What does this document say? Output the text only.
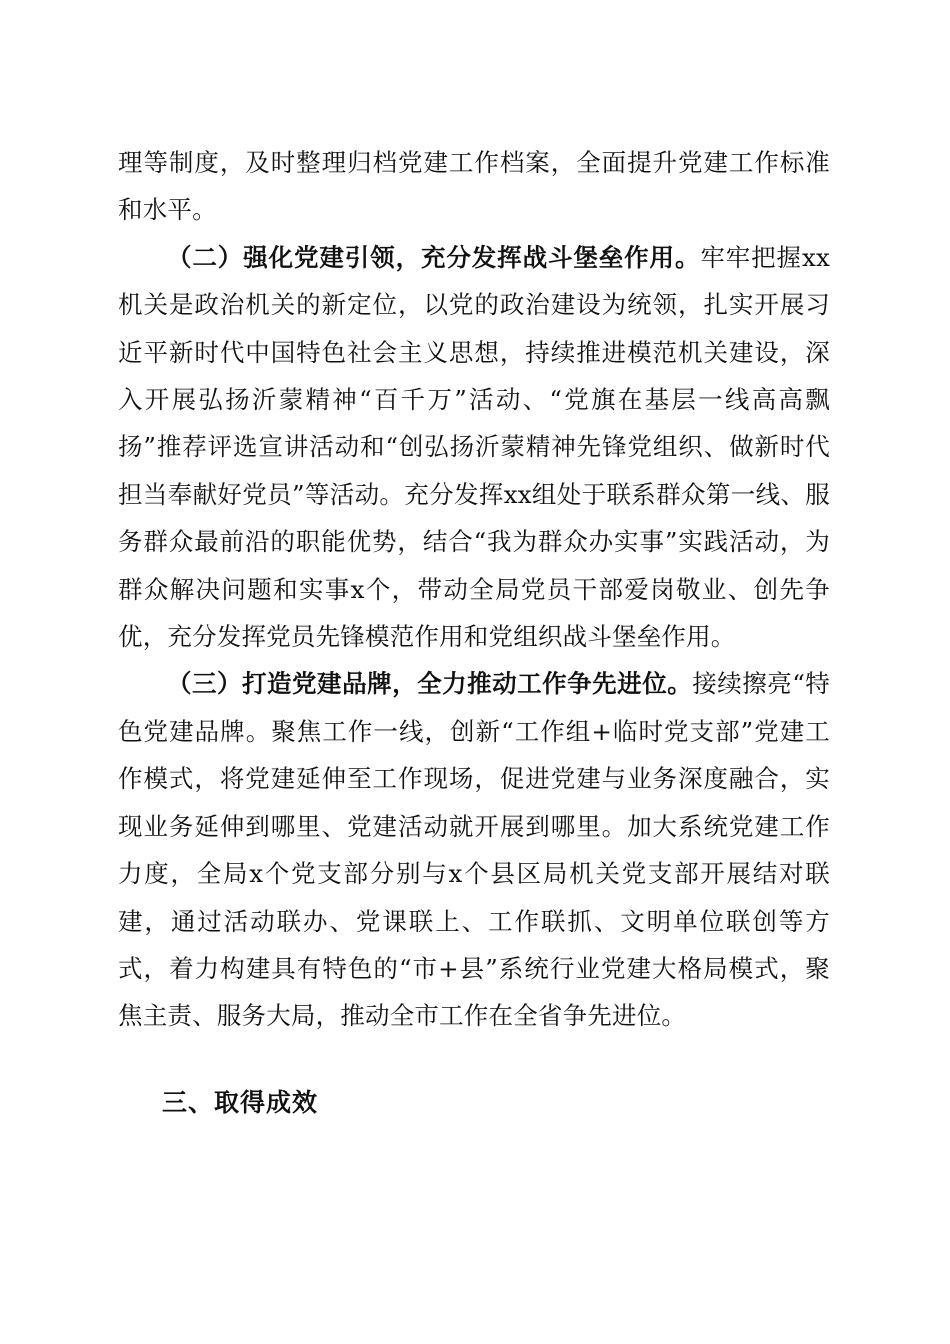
理等制度，及时整理归档党建工作档案，全面提升党建工作标准和水平。

（二）强化党建引领，充分发挥战斗堡垒作用。牢牢把握xx机关是政治机关的新定位，以党的政治建设为统领，扎实开展习近平新时代中国特色社会主义思想，持续推进模范机关建设，深入开展弘扬沂蒙精神“百千万”活动、“党旗在基层一线高高飘扬”推荐评选宣讲活动和“创弘扬沂蒙精神先锋党组织、做新时代担当奉献好党员”等活动。充分发挥xx组处于联系群众第一线、服务群众最前沿的职能优势，结合“我为群众办实事”实践活动，为群众解决问题和实事x个，带动全局党员干部爱岗敬业、创先争优，充分发挥党员先锋模范作用和党组织战斗堡垒作用。

（三）打造党建品牌，全力推动工作争先进位。接续擦亮“特色党建品牌。聚焦工作一线，创新“工作组+临时党支部”党建工作模式，将党建延伸至工作现场，促进党建与业务深度融合，实现业务延伸到哪里、党建活动就开展到哪里。加大系统党建工作力度，全局x个党支部分别与x个县区局机关党支部开展结对联建，通过活动联办、党课联上、工作联抓、文明单位联创等方式，着力构建具有特色的“市+县”系统行业党建大格局模式，聚焦主责、服务大局，推动全市工作在全省争先进位。

三、取得成效
